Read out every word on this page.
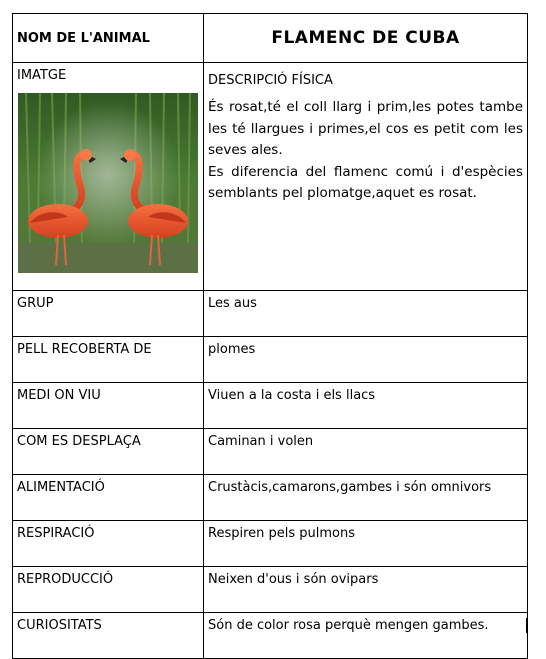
NOM DE L'ANIMAL	FLAMENC DE CUBA

IMATGE	DESCRIPCIÓ FÍSICA

És rosat,té el coll llarg i prim,les potes tambe les té llargues i primes,el cos es petit com les seves ales.

Es diferencia del flamenc comú i d'espècies semblants pel plomatge,aquet es rosat.

GRUP	Les aus
PELL RECOBERTA DE	plomes
MEDI ON VIU	Viuen a la costa i els llacs
COM ES DESPLAÇA	Caminan i volen
ALIMENTACIÓ	Crustàcis,camarons,gambes i són omnivors
RESPIRACIÓ	Respiren pels pulmons
REPRODUCCIÓ	Neixen d'ous i són ovipars
CURIOSITATS	Són de color rosa perquè mengen gambes.
